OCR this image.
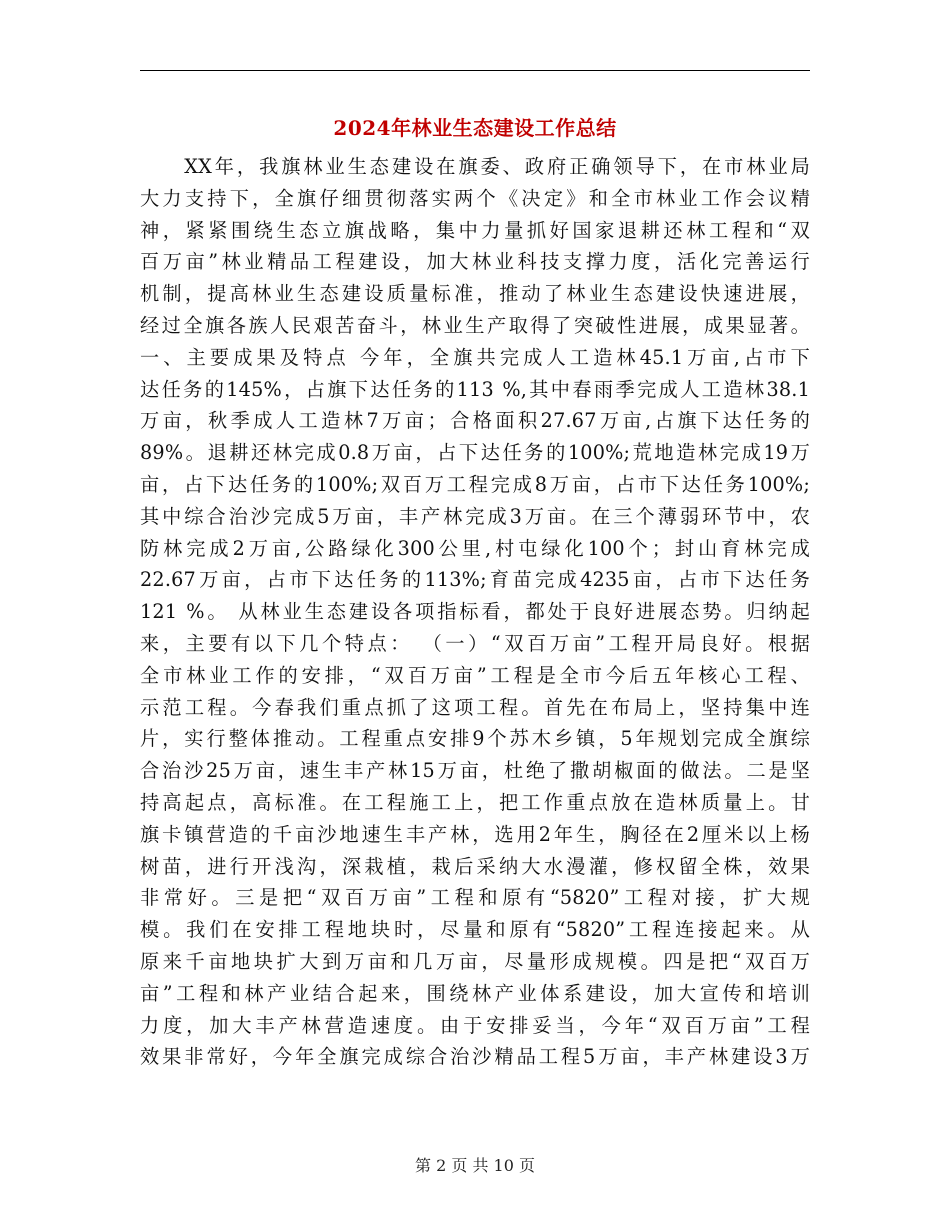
2024年林业生态建设工作总结
　　XX年，我旗林业生态建设在旗委、政府正确领导下，在市林业局
大力支持下，全旗仔细贯彻落实两个《决定》和全市林业工作会议精
神，紧紧围绕生态立旗战略，集中力量抓好国家退耕还林工程和“双
百万亩”林业精品工程建设，加大林业科技支撑力度，活化完善运行
机制，提高林业生态建设质量标准，推动了林业生态建设快速进展，
经过全旗各族人民艰苦奋斗，林业生产取得了突破性进展，成果显著。
一、主要成果及特点 今年，全旗共完成人工造林45.1万亩,占市下
达任务的145%，占旗下达任务的113 %,其中春雨季完成人工造林38.1
万亩，秋季成人工造林7万亩；合格面积27.67万亩,占旗下达任务的
89%。退耕还林完成0.8万亩，占下达任务的100%;荒地造林完成19万
亩，占下达任务的100%;双百万工程完成8万亩，占市下达任务100%;
其中综合治沙完成5万亩，丰产林完成3万亩。在三个薄弱环节中，农
防林完成2万亩,公路绿化300公里,村屯绿化100个；封山育林完成
22.67万亩，占市下达任务的113%;育苗完成4235亩，占市下达任务
121 %。 从林业生态建设各项指标看，都处于良好进展态势。归纳起
来，主要有以下几个特点： （一）“双百万亩”工程开局良好。根据
全市林业工作的安排，“双百万亩”工程是全市今后五年核心工程、
示范工程。今春我们重点抓了这项工程。首先在布局上，坚持集中连
片，实行整体推动。工程重点安排9个苏木乡镇，5年规划完成全旗综
合治沙25万亩，速生丰产林15万亩，杜绝了撒胡椒面的做法。二是坚
持高起点，高标准。在工程施工上，把工作重点放在造林质量上。甘
旗卡镇营造的千亩沙地速生丰产林，选用2年生，胸径在2厘米以上杨
树苗，进行开浅沟，深栽植，栽后采纳大水漫灌，修权留全株，效果
非常好。三是把“双百万亩”工程和原有“5820”工程对接，扩大规
模。我们在安排工程地块时，尽量和原有“5820”工程连接起来。从
原来千亩地块扩大到万亩和几万亩，尽量形成规模。四是把“双百万
亩”工程和林产业结合起来，围绕林产业体系建设，加大宣传和培训
力度，加大丰产林营造速度。由于安排妥当，今年“双百万亩”工程
效果非常好，今年全旗完成综合治沙精品工程5万亩，丰产林建设3万

第 2 页 共 10 页
